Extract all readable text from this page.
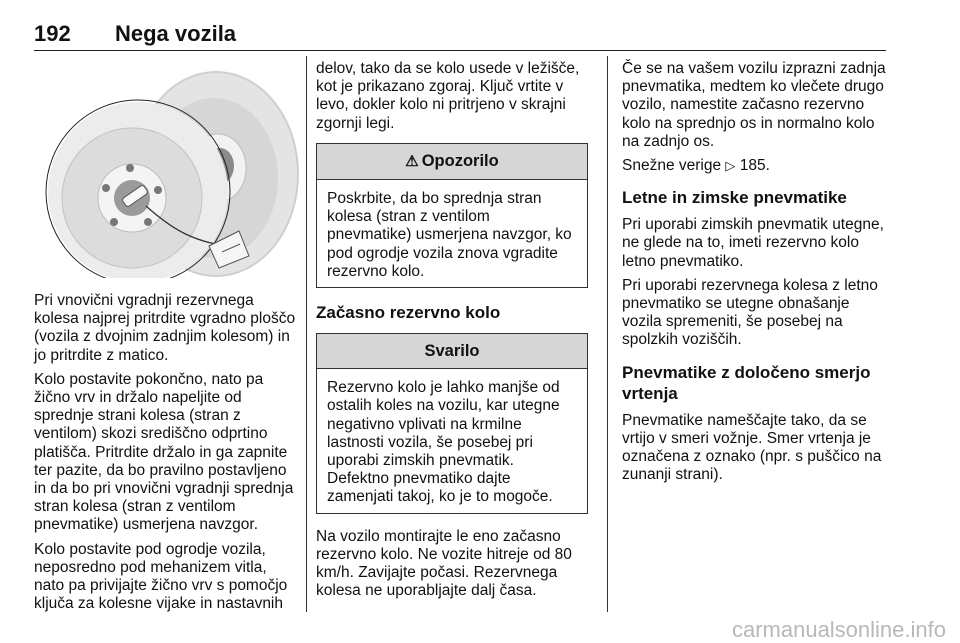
192 Nega vozila

Pri vnovični vgradnji rezervnega kolesa najprej pritrdite vgradno ploščo (vozila z dvojnim zadnjim kolesom) in jo pritrdite z matico.

Kolo postavite pokončno, nato pa žično vrv in držalo napeljite od sprednje strani kolesa (stran z ventilom) skozi središčno odprtino platišča. Pritrdite držalo in ga zapnite ter pazite, da bo pravilno postavljeno in da bo pri vnovični vgradnji sprednja stran kolesa (stran z ventilom pnevmatike) usmerjena navzgor.

Kolo postavite pod ogrodje vozila, neposredno pod mehanizem vitla, nato pa privijajte žično vrv s pomočjo ključa za kolesne vijake in nastavnih

delov, tako da se kolo usede v ležišče, kot je prikazano zgoraj. Ključ vrtite v levo, dokler kolo ni pritrjeno v skrajni zgornji legi.

⚠ Opozorilo
Poskrbite, da bo sprednja stran kolesa (stran z ventilom pnevmatike) usmerjena navzgor, ko pod ogrodje vozila znova vgradite rezervno kolo.
Začasno rezervno kolo
Svarilo
Rezervno kolo je lahko manjše od ostalih koles na vozilu, kar utegne negativno vplivati na krmilne lastnosti vozila, še posebej pri uporabi zimskih pnevmatik. Defektno pnevmatiko dajte zamenjati takoj, ko je to mogoče.

Na vozilo montirajte le eno začasno rezervno kolo. Ne vozite hitreje od 80 km/h. Zavijajte počasi. Rezervnega kolesa ne uporabljajte dalj časa.

Če se na vašem vozilu izprazni zadnja pnevmatika, medtem ko vlečete drugo vozilo, namestite začasno rezervno kolo na sprednjo os in normalno kolo na zadnjo os.

Snežne verige ▷ 185.

Letne in zimske pnevmatike

Pri uporabi zimskih pnevmatik utegne, ne glede na to, imeti rezervno kolo letno pnevmatiko.

Pri uporabi rezervnega kolesa z letno pnevmatiko se utegne obnašanje vozila spremeniti, še posebej na spolzkih voziščih.

Pnevmatike z določeno smerjo vrtenja

Pnevmatike nameščajte tako, da se vrtijo v smeri vožnje. Smer vrtenja je označena z oznako (npr. s puščico na zunanji strani).

carmanualsonline.info
